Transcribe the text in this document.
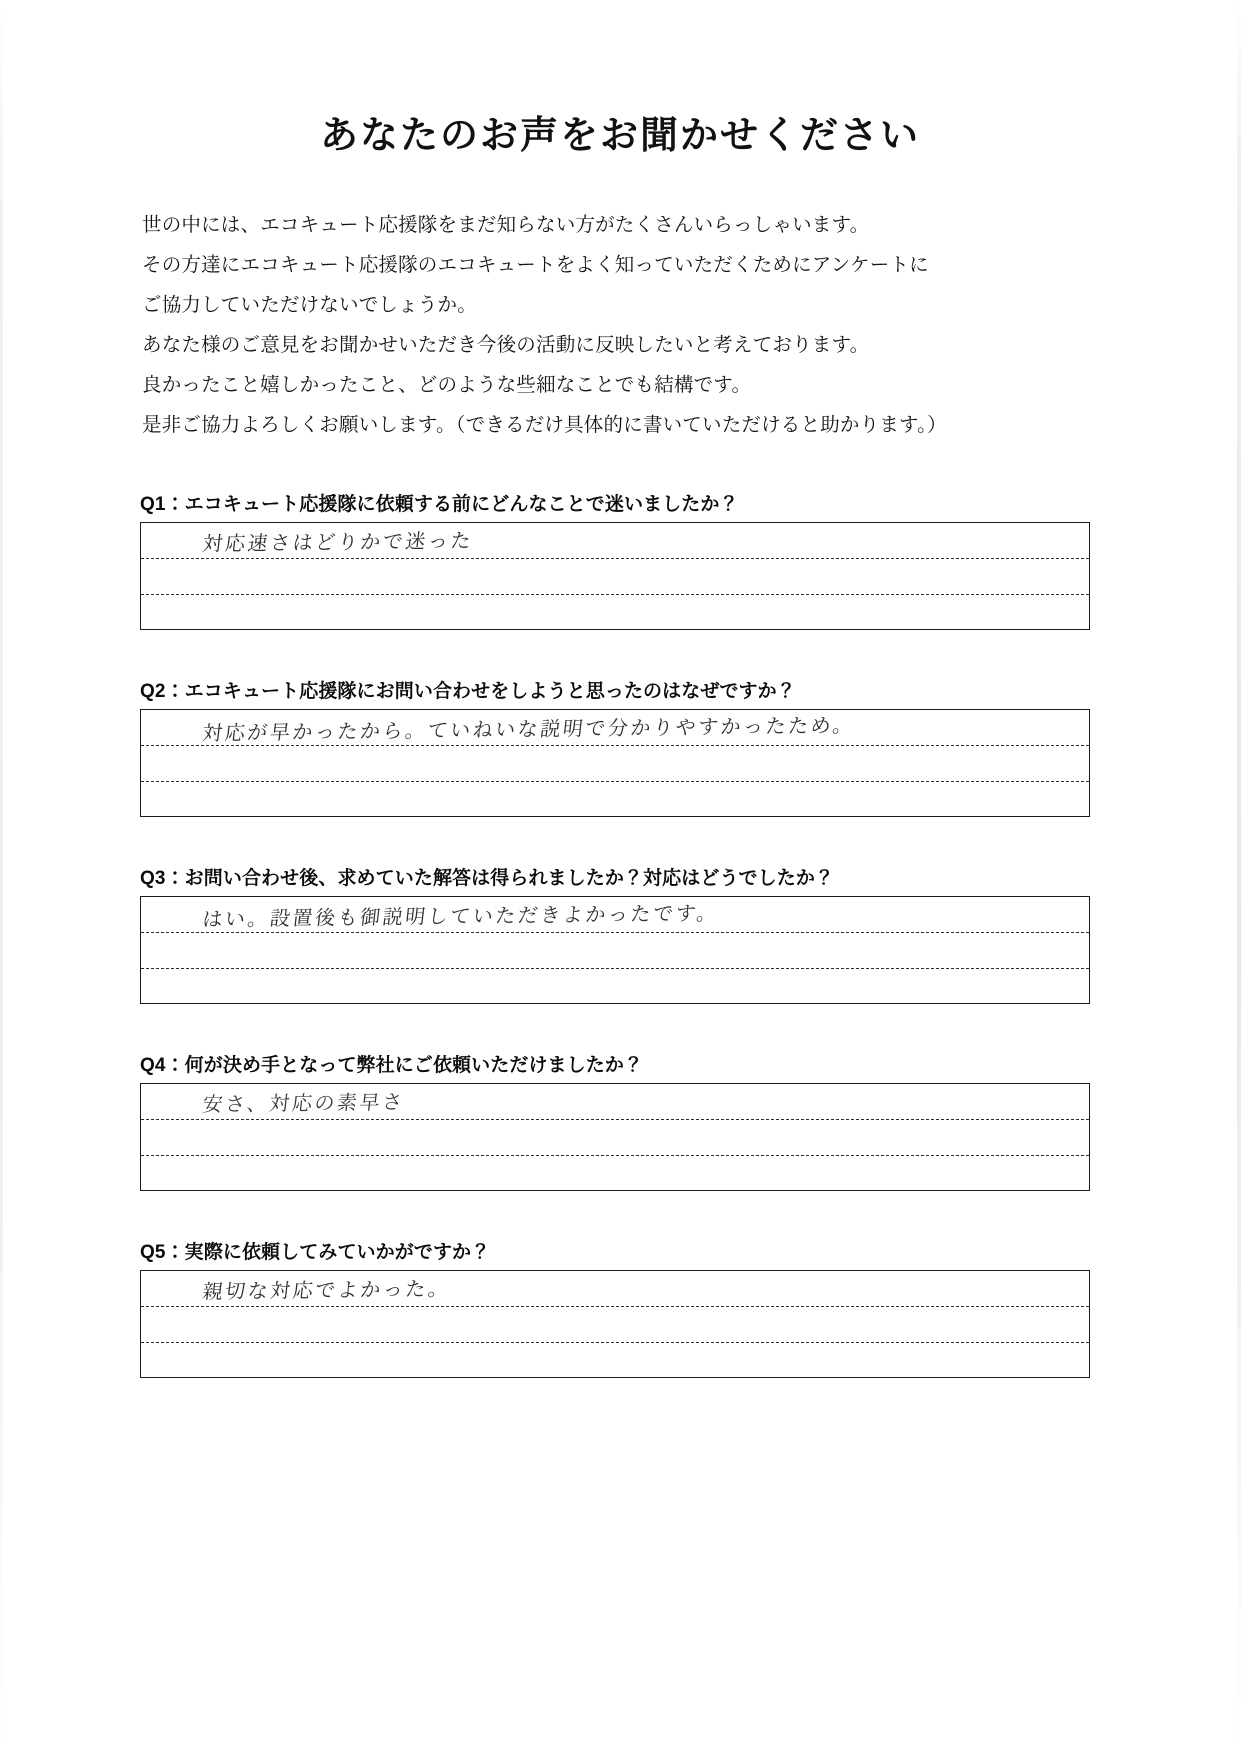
あなたのお声をお聞かせください
世の中には、エコキュート応援隊をまだ知らない方がたくさんいらっしゃいます。
その方達にエコキュート応援隊のエコキュートをよく知っていただくためにアンケートに
ご協力していただけないでしょうか。
あなた様のご意見をお聞かせいただき今後の活動に反映したいと考えております。
良かったこと嬉しかったこと、どのような些細なことでも結構です。
是非ご協力よろしくお願いします。（できるだけ具体的に書いていただけると助かります。）
Q1：エコキュート応援隊に依頼する前にどんなことで迷いましたか？
対応速さはどりかで迷った
Q2：エコキュート応援隊にお問い合わせをしようと思ったのはなぜですか？
対応が早かったから。ていねいな説明で分かりやすかったため。
Q3：お問い合わせ後、求めていた解答は得られましたか？対応はどうでしたか？
はい。設置後も御説明していただきよかったです。
Q4：何が決め手となって弊社にご依頼いただけましたか？
安さ、対応の素早さ
Q5：実際に依頼してみていかがですか？
親切な対応でよかった。
